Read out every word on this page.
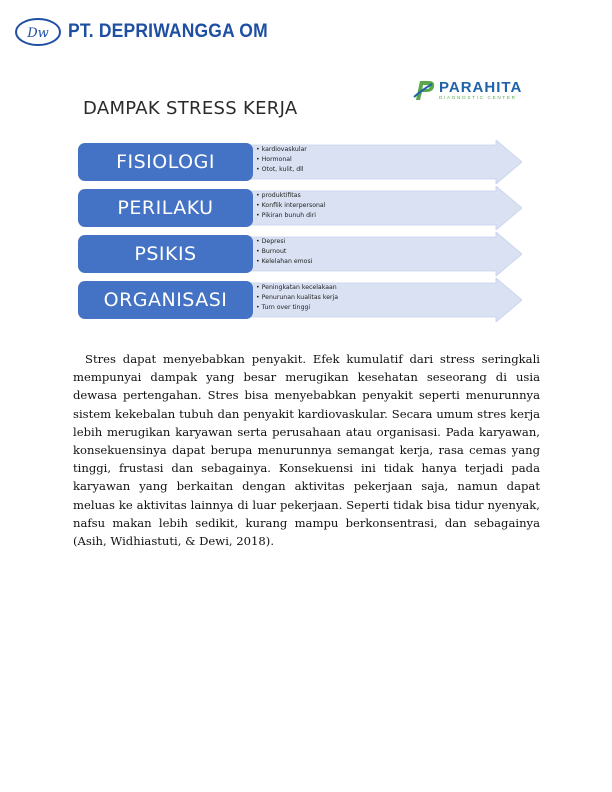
Dw PT. DEPRIWANGGA OM
PARAHITA
DIAGNOSTIC CENTER
DAMPAK STRESS KERJA
FISIOLOGI
• kardiovaskular
• Hormonal
• Otot, kulit, dll
PERILAKU
• produktifitas
• Konflik interpersonal
• Pikiran bunuh diri
PSIKIS
• Depresi
• Burnout
• Kelelahan emosi
ORGANISASI
• Peningkatan kecelakaan
• Penurunan kualitas kerja
• Turn over tinggi

Stres dapat menyebabkan penyakit. Efek kumulatif dari stress seringkali mempunyai dampak yang besar merugikan kesehatan seseorang di usia dewasa pertengahan. Stres bisa menyebabkan penyakit seperti menurunnya sistem kekebalan tubuh dan penyakit kardiovaskular. Secara umum stres kerja lebih merugikan karyawan serta perusahaan atau organisasi. Pada karyawan, konsekuensinya dapat berupa menurunnya semangat kerja, rasa cemas yang tinggi, frustasi dan sebagainya. Konsekuensi ini tidak hanya terjadi pada karyawan yang berkaitan dengan aktivitas pekerjaan saja, namun dapat meluas ke aktivitas lainnya di luar pekerjaan. Seperti tidak bisa tidur nyenyak, nafsu makan lebih sedikit, kurang mampu berkonsentrasi, dan sebagainya (Asih, Widhiastuti, & Dewi, 2018).
